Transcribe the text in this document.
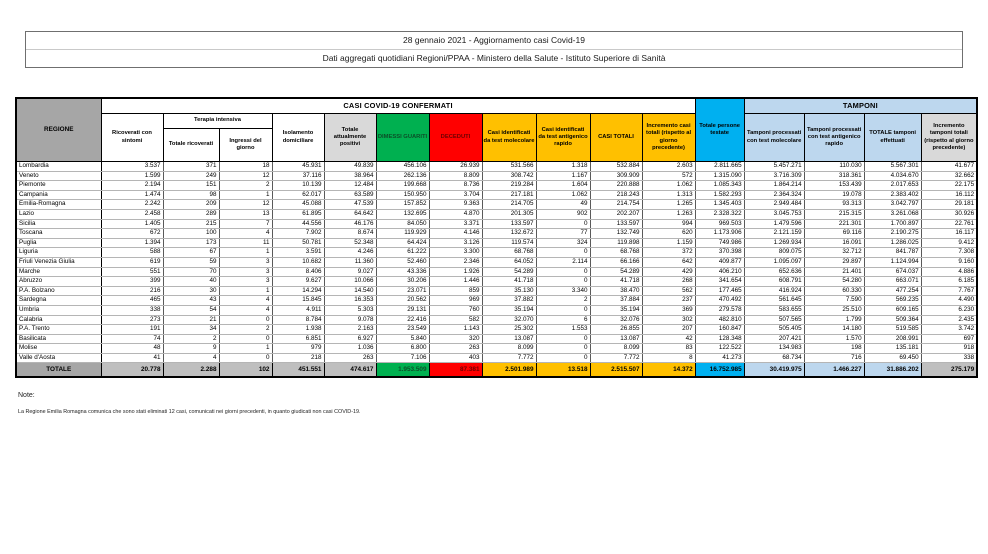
28 gennaio 2021 - Aggiornamento casi Covid-19
Dati aggregati quotidiani Regioni/PPAA - Ministero della Salute - Istituto Superiore di Sanità
REGIONE	CASI COVID-19 CONFERMATI											Totale persone testate	TAMPONI			
	Ricoverati con sintomi	Terapia intensiva		Isolamento domiciliare	Totale attualmente positivi	DIMESSI GUARITI	DECEDUTI	Casi identificati da test molecolare	Casi identificati da test antigenico rapido	CASI TOTALI	Incremento casi totali (rispetto al giorno precedente)		Tamponi processati con test molecolare	Tamponi processati con test antigenico rapido	TOTALE tamponi effettuati	Incremento tamponi totali (rispetto al giorno precedente)
		Totale ricoverati	Ingressi del giorno													
Lombardia	3.537	371	18	45.931	49.839	456.106	26.939	531.566	1.318	532.884	2.603	2.811.665	5.457.271	110.030	5.567.301	41.677
Veneto	1.599	249	12	37.116	38.964	262.136	8.809	308.742	1.167	309.909	572	1.315.090	3.716.309	318.361	4.034.670	32.662
Piemonte	2.194	151	2	10.139	12.484	199.668	8.736	219.284	1.604	220.888	1.062	1.085.343	1.864.214	153.439	2.017.653	22.175
Campania	1.474	98	1	62.017	63.589	150.950	3.704	217.181	1.062	218.243	1.313	1.582.293	2.364.324	19.078	2.383.402	16.112
Emilia-Romagna	2.242	209	12	45.088	47.539	157.852	9.363	214.705	49	214.754	1.265	1.345.403	2.949.484	93.313	3.042.797	29.181
Lazio	2.458	289	13	61.895	64.642	132.695	4.870	201.305	902	202.207	1.263	2.328.322	3.045.753	215.315	3.261.068	30.926
Sicilia	1.405	215	7	44.556	46.176	84.050	3.371	133.597	0	133.597	994	969.503	1.479.596	221.301	1.700.897	22.761
Toscana	672	100	4	7.902	8.674	119.929	4.146	132.672	77	132.749	620	1.173.906	2.121.159	69.116	2.190.275	16.117
Puglia	1.394	173	11	50.781	52.348	64.424	3.126	119.574	324	119.898	1.159	749.986	1.269.934	16.091	1.286.025	9.412
Liguria	588	67	1	3.591	4.246	61.222	3.300	68.768	0	68.768	372	370.398	809.075	32.712	841.787	7.308
Friuli Venezia Giulia	619	59	3	10.682	11.360	52.460	2.346	64.052	2.114	66.166	642	409.877	1.095.097	29.897	1.124.994	9.160
Marche	551	70	3	8.406	9.027	43.336	1.926	54.289	0	54.289	429	406.210	652.636	21.401	674.037	4.886
Abruzzo	399	40	3	9.627	10.066	30.206	1.446	41.718	0	41.718	268	341.654	608.791	54.280	663.071	6.185
P.A. Bolzano	216	30	1	14.294	14.540	23.071	859	35.130	3.340	38.470	562	177.465	416.924	60.330	477.254	7.767
Sardegna	465	43	4	15.845	16.353	20.562	969	37.882	2	37.884	237	470.492	561.645	7.590	569.235	4.490
Umbria	338	54	4	4.911	5.303	29.131	760	35.194	0	35.194	369	279.578	583.655	25.510	609.165	6.230
Calabria	273	21	0	8.784	9.078	22.416	582	32.070	6	32.076	302	482.810	507.565	1.799	509.364	2.435
P.A. Trento	191	34	2	1.938	2.163	23.549	1.143	25.302	1.553	26.855	207	160.847	505.405	14.180	519.585	3.742
Basilicata	74	2	0	6.851	6.927	5.840	320	13.087	0	13.087	42	128.348	207.421	1.570	208.991	697
Molise	48	9	1	979	1.036	6.800	263	8.099	0	8.099	83	122.522	134.983	198	135.181	918
Valle d'Aosta	41	4	0	218	263	7.106	403	7.772	0	7.772	8	41.273	68.734	716	69.450	338
TOTALE	20.778	2.288	102	451.551	474.617	1.953.509	87.381	2.501.989	13.518	2.515.507	14.372	16.752.985	30.419.975	1.466.227	31.886.202	275.179
Note:
La Regione Emilia Romagna comunica che sono stati eliminati 12 casi, comunicati nei giorni precedenti, in quanto giudicati non casi COVID-19.
